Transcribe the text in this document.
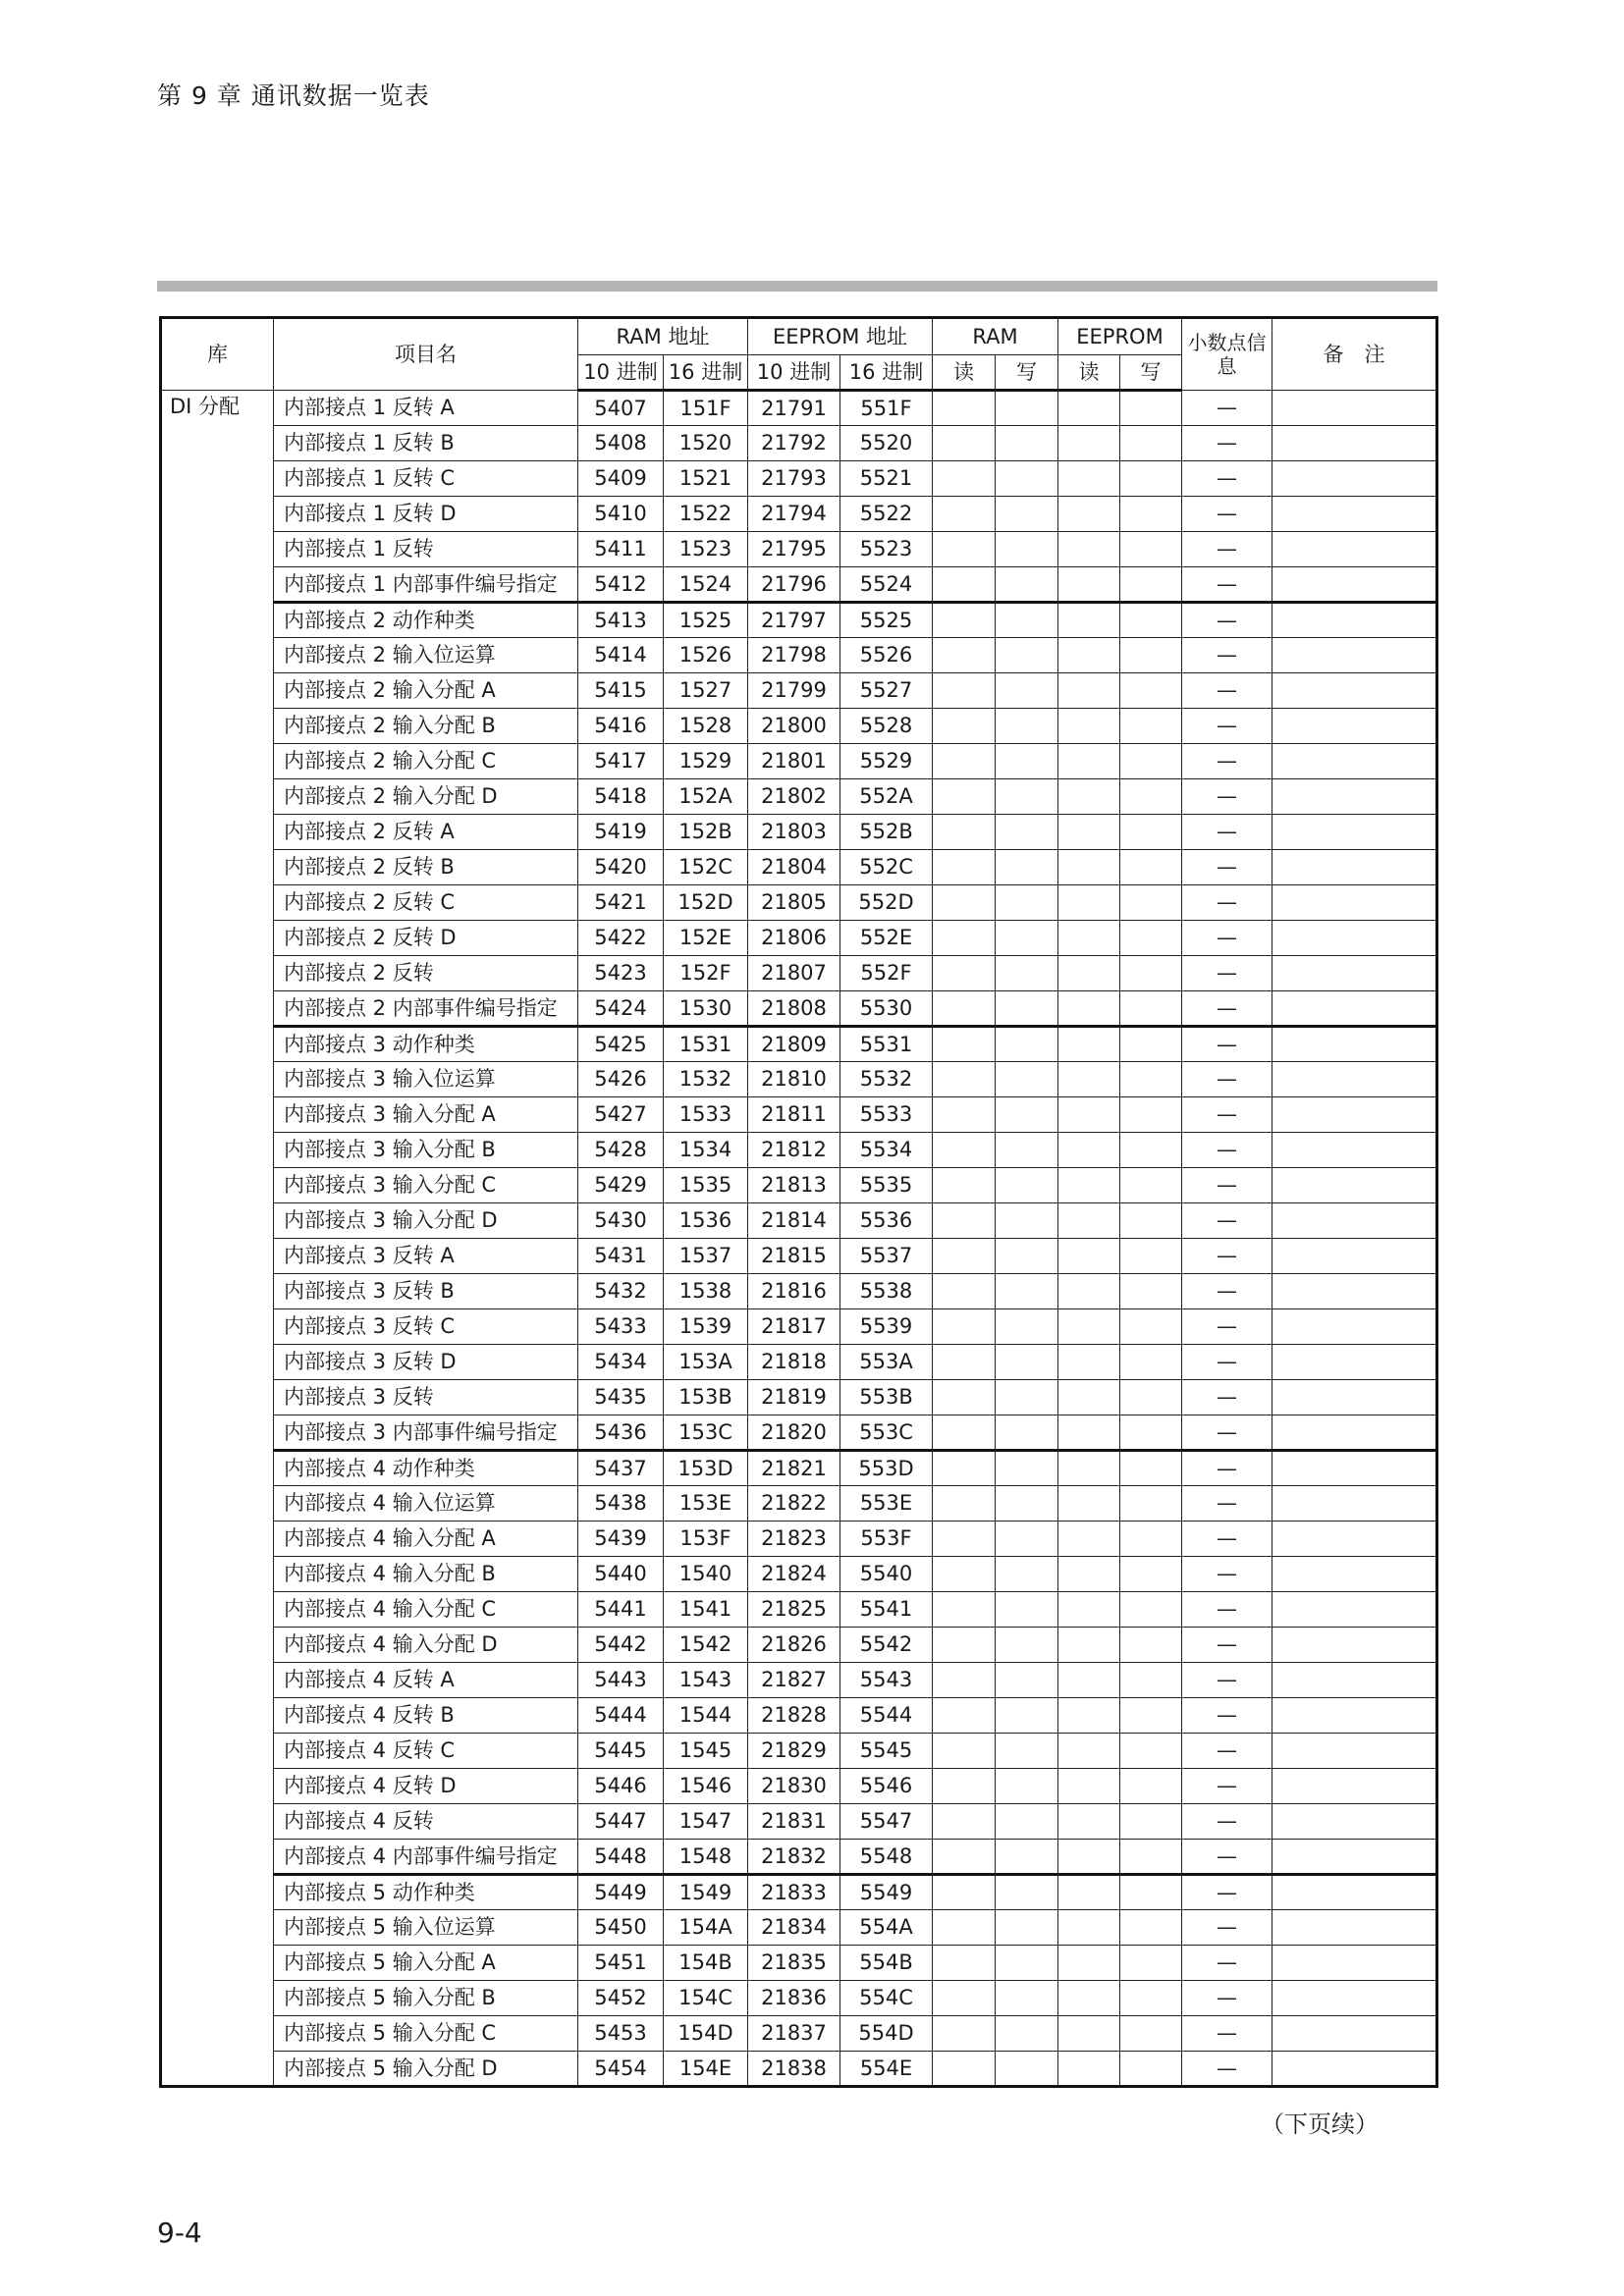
第 9 章 通讯数据一览表
库	项目名	RAM 地址		EEPROM 地址		RAM		EEPROM		小数点信息	备　注
		10 进制	16 进制	10 进制	16 进制	读	写	读	写		
DI 分配	内部接点 1 反转 A	5407	151F	21791	551F					—	
	内部接点 1 反转 B	5408	1520	21792	5520					—	
	内部接点 1 反转 C	5409	1521	21793	5521					—	
	内部接点 1 反转 D	5410	1522	21794	5522					—	
	内部接点 1 反转	5411	1523	21795	5523					—	
	内部接点 1 内部事件编号指定	5412	1524	21796	5524					—	
	内部接点 2 动作种类	5413	1525	21797	5525					—	
	内部接点 2 输入位运算	5414	1526	21798	5526					—	
	内部接点 2 输入分配 A	5415	1527	21799	5527					—	
	内部接点 2 输入分配 B	5416	1528	21800	5528					—	
	内部接点 2 输入分配 C	5417	1529	21801	5529					—	
	内部接点 2 输入分配 D	5418	152A	21802	552A					—	
	内部接点 2 反转 A	5419	152B	21803	552B					—	
	内部接点 2 反转 B	5420	152C	21804	552C					—	
	内部接点 2 反转 C	5421	152D	21805	552D					—	
	内部接点 2 反转 D	5422	152E	21806	552E					—	
	内部接点 2 反转	5423	152F	21807	552F					—	
	内部接点 2 内部事件编号指定	5424	1530	21808	5530					—	
	内部接点 3 动作种类	5425	1531	21809	5531					—	
	内部接点 3 输入位运算	5426	1532	21810	5532					—	
	内部接点 3 输入分配 A	5427	1533	21811	5533					—	
	内部接点 3 输入分配 B	5428	1534	21812	5534					—	
	内部接点 3 输入分配 C	5429	1535	21813	5535					—	
	内部接点 3 输入分配 D	5430	1536	21814	5536					—	
	内部接点 3 反转 A	5431	1537	21815	5537					—	
	内部接点 3 反转 B	5432	1538	21816	5538					—	
	内部接点 3 反转 C	5433	1539	21817	5539					—	
	内部接点 3 反转 D	5434	153A	21818	553A					—	
	内部接点 3 反转	5435	153B	21819	553B					—	
	内部接点 3 内部事件编号指定	5436	153C	21820	553C					—	
	内部接点 4 动作种类	5437	153D	21821	553D					—	
	内部接点 4 输入位运算	5438	153E	21822	553E					—	
	内部接点 4 输入分配 A	5439	153F	21823	553F					—	
	内部接点 4 输入分配 B	5440	1540	21824	5540					—	
	内部接点 4 输入分配 C	5441	1541	21825	5541					—	
	内部接点 4 输入分配 D	5442	1542	21826	5542					—	
	内部接点 4 反转 A	5443	1543	21827	5543					—	
	内部接点 4 反转 B	5444	1544	21828	5544					—	
	内部接点 4 反转 C	5445	1545	21829	5545					—	
	内部接点 4 反转 D	5446	1546	21830	5546					—	
	内部接点 4 反转	5447	1547	21831	5547					—	
	内部接点 4 内部事件编号指定	5448	1548	21832	5548					—	
	内部接点 5 动作种类	5449	1549	21833	5549					—	
	内部接点 5 输入位运算	5450	154A	21834	554A					—	
	内部接点 5 输入分配 A	5451	154B	21835	554B					—	
	内部接点 5 输入分配 B	5452	154C	21836	554C					—	
	内部接点 5 输入分配 C	5453	154D	21837	554D					—	
	内部接点 5 输入分配 D	5454	154E	21838	554E					—	
（下页续）
9-4
